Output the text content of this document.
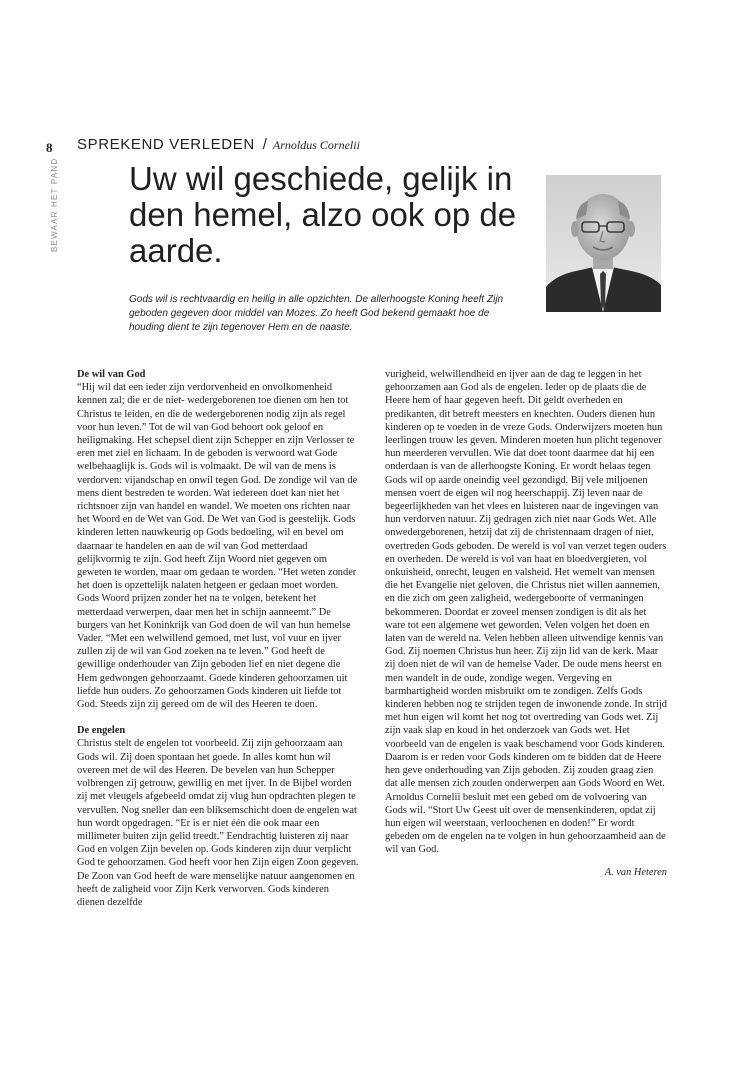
8
BEWAAR HET PAND
SPREKEND VERLEDEN / Arnoldus Cornelii
Uw wil geschiede, gelijk in den hemel, alzo ook op de aarde.
Gods wil is rechtvaardig en heilig in alle opzichten. De allerhoogste Koning heeft Zijn geboden gegeven door middel van Mozes. Zo heeft God bekend gemaakt hoe de houding dient te zijn tegenover Hem en de naaste.
De wil van God

“Hij wil dat een ieder zijn verdorvenheid en onvolkomenheid kennen zal; die er de niet- wedergeborenen toe dienen om hen tot Christus te leiden, en die de wedergeborenen nodig zijn als regel voor hun leven.” Tot de wil van God behoort ook geloof en heiligmaking. Het schepsel dient zijn Schepper en zijn Verlosser te eren met ziel en lichaam. In de geboden is verwoord wat Gode welbehaaglijk is. Gods wil is volmaakt. De wil van de mens is verdorven: vijandschap en onwil tegen God. De zondige wil van de mens dient bestreden te worden. Wat iedereen doet kan niet het richtsnoer zijn van handel en wandel. We moeten ons richten naar het Woord en de Wet van God. De Wet van God is geestelijk. Gods kinderen letten nauwkeurig op Gods bedoeling, wil en bevel om daarnaar te handelen en aan de wil van God metterdaad gelijkvormig te zijn. God heeft Zijn Woord niet gegeven om geweten te worden, maar om gedaan te worden. “Het weten zonder het doen is opzettelijk nalaten hetgeen er gedaan moet worden. Gods Woord prijzen zonder het na te volgen, betekent het metterdaad verwerpen, daar men het in schijn aanneemt.” De burgers van het Koninkrijk van God doen de wil van hun hemelse Vader. “Met een welwillend gemoed, met lust, vol vuur en ijver zullen zij de wil van God zoeken na te leven.” God heeft de gewillige onderhouder van Zijn geboden lief en niet degene die Hem gedwongen gehoorzaamt. Goede kinderen gehoorzamen uit liefde hun ouders. Zo gehoorzamen Gods kinderen uit liefde tot God. Steeds zijn zij gereed om de wil des Heeren te doen.

De engelen

Christus stelt de engelen tot voorbeeld. Zij zijn gehoorzaam aan Gods wil. Zij doen spontaan het goede. In alles komt hun wil overeen met de wil des Heeren. De bevelen van hun Schepper volbrengen zij getrouw, gewillig en met ijver. In de Bijbel worden zij met vleugels afgebeeld omdat zij vlug hun opdrachten plegen te vervullen. Nog sneller dan een bliksemschicht doen de engelen wat hun wordt opgedragen. “Er is er niet één die ook maar een millimeter buiten zijn gelid treedt.” Eendrachtig luisteren zij naar God en volgen Zijn bevelen op. Gods kinderen zijn duur verplicht God te gehoorzamen. God heeft voor hen Zijn eigen Zoon gegeven. De Zoon van God heeft de ware menselijke natuur aangenomen en heeft de zaligheid voor Zijn Kerk verworven. Gods kinderen dienen dezelfde

vurigheid, welwillendheid en ijver aan de dag te leggen in het gehoorzamen aan God als de engelen. Ieder op de plaats die de Heere hem of haar gegeven heeft. Dit geldt overheden en predikanten, dit betreft meesters en knechten. Ouders dienen hun kinderen op te voeden in de vreze Gods. Onderwijzers moeten hun leerlingen trouw les geven. Minderen moeten hun plicht tegenover hun meerderen vervullen. Wie dat doet toont daarmee dat hij een onderdaan is van de allerhoogste Koning. Er wordt helaas tegen Gods wil op aarde oneindig veel gezondigd. Bij vele miljoenen mensen voert de eigen wil nog heerschappij. Zij leven naar de begeerlijkheden van het vlees en luisteren naar de ingevingen van hun verdorven natuur. Zij gedragen zich niet naar Gods Wet. Alle onwedergeborenen, hetzij dat zij de christennaam dragen of niet, overtreden Gods geboden. De wereld is vol van verzet tegen ouders en overheden. De wereld is vol van haat en bloedvergieten, vol onkuisheid, onrecht, leugen en valsheid. Het wemelt van mensen die het Evangelie niet geloven, die Christus niet willen aannemen, en die zich om geen zaligheid, wedergeboorte of vermaningen bekommeren. Doordat er zoveel mensen zondigen is dit als het ware tot een algemene wet geworden. Velen volgen het doen en laten van de wereld na. Velen hebben alleen uitwendige kennis van God. Zij noemen Christus hun heer. Zij zijn lid van de kerk. Maar zij doen niet de wil van de hemelse Vader. De oude mens heerst en men wandelt in de oude, zondige wegen. Vergeving en barmhartigheid worden misbruikt om te zondigen. Zelfs Gods kinderen hebben nog te strijden tegen de inwonende zonde. In strijd met hun eigen wil komt het nog tot overtreding van Gods wet. Zij zijn vaak slap en koud in het onderzoek van Gods wet. Het voorbeeld van de engelen is vaak beschamend voor Gods kinderen. Daarom is er reden voor Gods kinderen om te bidden dat de Heere hen geve onderhouding van Zijn geboden. Zij zouden graag zien dat alle mensen zich zouden onderwerpen aan Gods Woord en Wet. Arnoldus Cornelii besluit met een gebed om de volvoering van Gods wil. “Stort Uw Geest uit over de mensenkinderen, opdat zij hun eigen wil weerstaan, verloochenen en doden!” Er wordt gebeden om de engelen na te volgen in hun gehoorzaamheid aan de wil van God.

A. van Heteren
